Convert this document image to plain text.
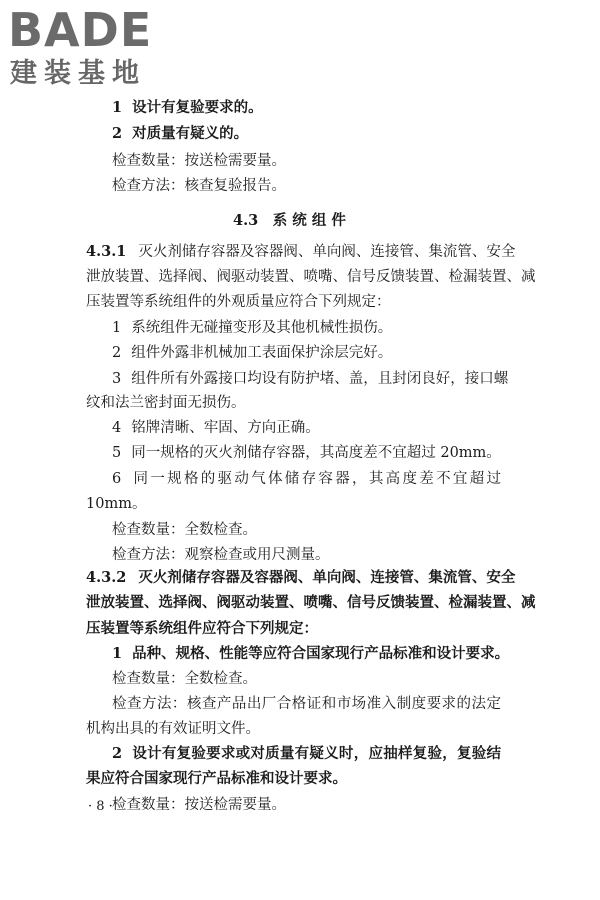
BADE
建装基地
1 设计有复验要求的。
2 对质量有疑义的。
检查数量：按送检需要量。
检查方法：核查复验报告。
4.3　系 统 组 件
4.3.1 灭火剂储存容器及容器阀、单向阀、连接管、集流管、安全
泄放装置、选择阀、阀驱动装置、喷嘴、信号反馈装置、检漏装置、减
压装置等系统组件的外观质量应符合下列规定：
1 系统组件无碰撞变形及其他机械性损伤。
2 组件外露非机械加工表面保护涂层完好。
3 组件所有外露接口均设有防护堵、盖，且封闭良好，接口螺
纹和法兰密封面无损伤。
4 铭牌清晰、牢固、方向正确。
5 同一规格的灭火剂储存容器，其高度差不宜超过 20mm。
6 同一规格的驱动气体储存容器，其高度差不宜超过
10mm。
检查数量：全数检查。
检查方法：观察检查或用尺测量。
4.3.2 灭火剂储存容器及容器阀、单向阀、连接管、集流管、安全
泄放装置、选择阀、阀驱动装置、喷嘴、信号反馈装置、检漏装置、减
压装置等系统组件应符合下列规定：
1 品种、规格、性能等应符合国家现行产品标准和设计要求。
检查数量：全数检查。
检查方法：核查产品出厂合格证和市场准入制度要求的法定
机构出具的有效证明文件。
2 设计有复验要求或对质量有疑义时，应抽样复验，复验结
果应符合国家现行产品标准和设计要求。
检查数量：按送检需要量。
· 8 ·
